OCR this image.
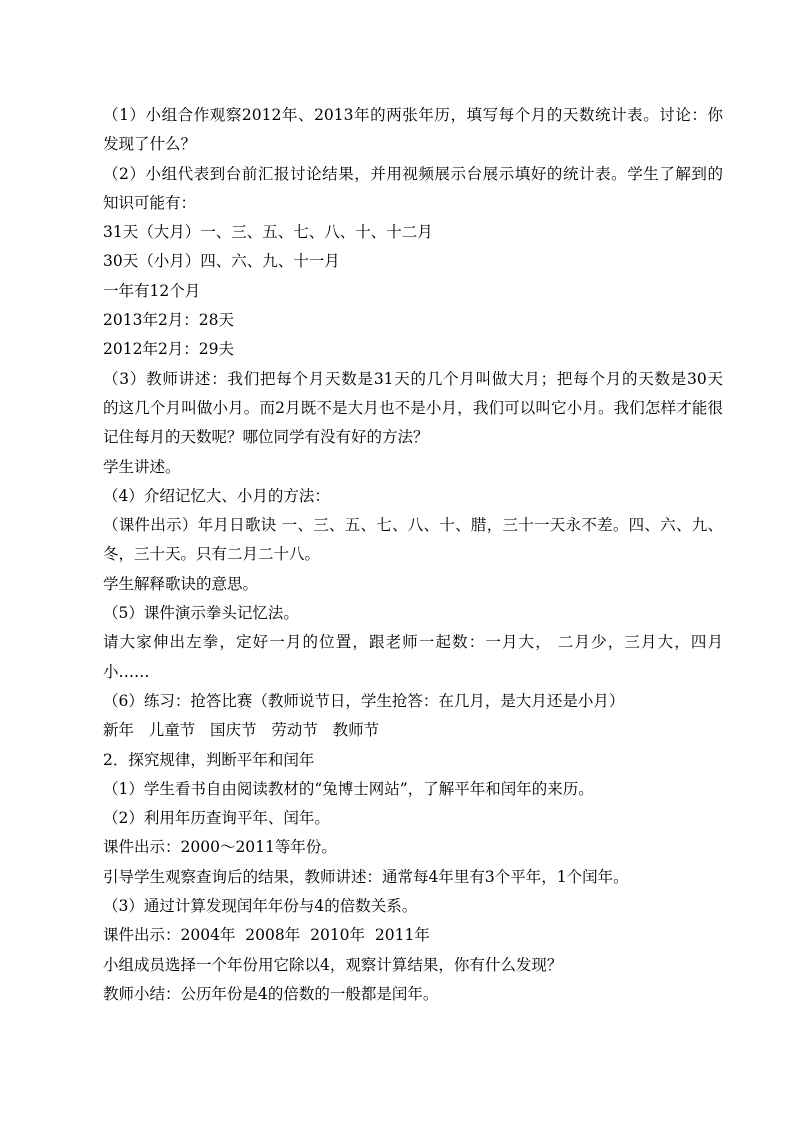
（1）小组合作观察2012年、2013年的两张年历，填写每个月的天数统计表。讨论：你
发现了什么？
（2）小组代表到台前汇报讨论结果，并用视频展示台展示填好的统计表。学生了解到的
知识可能有：
31天（大月）一、三、五、七、八、十、十二月
30天（小月）四、六、九、十一月
一年有12个月
2013年2月：28天
2012年2月：29夫
（3）教师讲述：我们把每个月天数是31天的几个月叫做大月；把每个月的天数是30天
的这几个月叫做小月。而2月既不是大月也不是小月，我们可以叫它小月。我们怎样才能很
记住每月的天数呢？哪位同学有没有好的方法？
学生讲述。
（4）介绍记忆大、小月的方法：
（课件出示）年月日歌诀 一、三、五、七、八、十、腊，三十一天永不差。四、六、九、
冬，三十天。只有二月二十八。
学生解释歌诀的意思。
（5）课件演示拳头记忆法。
请大家伸出左拳，定好一月的位置，跟老师一起数：一月大， 二月少，三月大，四月
小……
（6）练习：抢答比赛（教师说节日，学生抢答：在几月，是大月还是小月）
新年   儿童节   国庆节   劳动节   教师节
2．探究规律，判断平年和闰年
（1）学生看书自由阅读教材的“兔博士网站”，了解平年和闰年的来历。
（2）利用年历查询平年、闰年。
课件出示：2000～2011等年份。
引导学生观察查询后的结果，教师讲述：通常每4年里有3个平年，1个闰年。
（3）通过计算发现闰年年份与4的倍数关系。
课件出示：2004年  2008年  2010年  2011年
小组成员选择一个年份用它除以4，观察计算结果，你有什么发现？
教师小结：公历年份是4的倍数的一般都是闰年。
